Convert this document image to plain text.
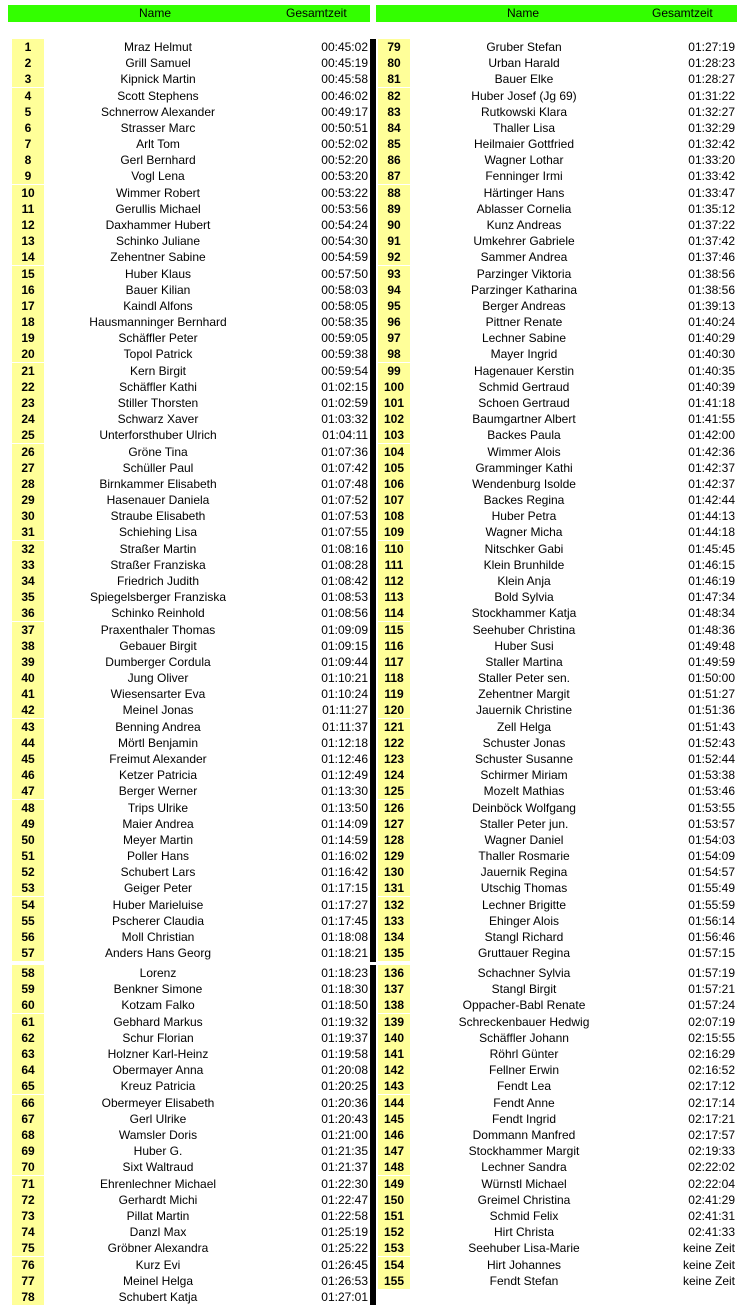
Name	Gesamtzeit	Name	Gesamtzeit
1	Mraz Helmut	00:45:02
2	Grill Samuel	00:45:19
3	Kipnick Martin	00:45:58
4	Scott Stephens	00:46:02
5	Schnerrow Alexander	00:49:17
6	Strasser Marc	00:50:51
7	Arlt Tom	00:52:02
8	Gerl Bernhard	00:52:20
9	Vogl Lena	00:53:20
10	Wimmer Robert	00:53:22
11	Gerullis Michael	00:53:56
12	Daxhammer Hubert	00:54:24
13	Schinko Juliane	00:54:30
14	Zehentner Sabine	00:54:59
15	Huber Klaus	00:57:50
16	Bauer Kilian	00:58:03
17	Kaindl Alfons	00:58:05
18	Hausmanninger Bernhard	00:58:35
19	Schäffler Peter	00:59:05
20	Topol Patrick	00:59:38
21	Kern Birgit	00:59:54
22	Schäffler Kathi	01:02:15
23	Stiller Thorsten	01:02:59
24	Schwarz Xaver	01:03:32
25	Unterforsthuber Ulrich	01:04:11
26	Gröne Tina	01:07:36
27	Schüller Paul	01:07:42
28	Birnkammer Elisabeth	01:07:48
29	Hasenauer Daniela	01:07:52
30	Straube Elisabeth	01:07:53
31	Schiehing Lisa	01:07:55
32	Straßer Martin	01:08:16
33	Straßer Franziska	01:08:28
34	Friedrich Judith	01:08:42
35	Spiegelsberger Franziska	01:08:53
36	Schinko Reinhold	01:08:56
37	Praxenthaler Thomas	01:09:09
38	Gebauer Birgit	01:09:15
39	Dumberger Cordula	01:09:44
40	Jung Oliver	01:10:21
41	Wiesensarter Eva	01:10:24
42	Meinel Jonas	01:11:27
43	Benning Andrea	01:11:37
44	Mörtl Benjamin	01:12:18
45	Freimut Alexander	01:12:46
46	Ketzer Patricia	01:12:49
47	Berger Werner	01:13:30
48	Trips Ulrike	01:13:50
49	Maier Andrea	01:14:09
50	Meyer Martin	01:14:59
51	Poller Hans	01:16:02
52	Schubert Lars	01:16:42
53	Geiger Peter	01:17:15
54	Huber Marieluise	01:17:27
55	Pscherer Claudia	01:17:45
56	Moll Christian	01:18:08
57	Anders Hans Georg	01:18:21
58	Lorenz	01:18:23
59	Benkner Simone	01:18:30
60	Kotzam Falko	01:18:50
61	Gebhard Markus	01:19:32
62	Schur Florian	01:19:37
63	Holzner Karl-Heinz	01:19:58
64	Obermayer Anna	01:20:08
65	Kreuz Patricia	01:20:25
66	Obermeyer Elisabeth	01:20:36
67	Gerl Ulrike	01:20:43
68	Wamsler Doris	01:21:00
69	Huber G.	01:21:35
70	Sixt Waltraud	01:21:37
71	Ehrenlechner Michael	01:22:30
72	Gerhardt Michi	01:22:47
73	Pillat Martin	01:22:58
74	Danzl Max	01:25:19
75	Gröbner Alexandra	01:25:22
76	Kurz Evi	01:26:45
77	Meinel Helga	01:26:53
78	Schubert Katja	01:27:01
79	Gruber Stefan	01:27:19
80	Urban Harald	01:28:23
81	Bauer Elke	01:28:27
82	Huber Josef (Jg 69)	01:31:22
83	Rutkowski Klara	01:32:27
84	Thaller Lisa	01:32:29
85	Heilmaier Gottfried	01:32:42
86	Wagner Lothar	01:33:20
87	Fenninger Irmi	01:33:42
88	Härtinger Hans	01:33:47
89	Ablasser Cornelia	01:35:12
90	Kunz Andreas	01:37:22
91	Umkehrer Gabriele	01:37:42
92	Sammer Andrea	01:37:46
93	Parzinger Viktoria	01:38:56
94	Parzinger Katharina	01:38:56
95	Berger Andreas	01:39:13
96	Pittner Renate	01:40:24
97	Lechner Sabine	01:40:29
98	Mayer Ingrid	01:40:30
99	Hagenauer Kerstin	01:40:35
100	Schmid Gertraud	01:40:39
101	Schoen Gertraud	01:41:18
102	Baumgartner Albert	01:41:55
103	Backes Paula	01:42:00
104	Wimmer Alois	01:42:36
105	Gramminger Kathi	01:42:37
106	Wendenburg Isolde	01:42:37
107	Backes Regina	01:42:44
108	Huber Petra	01:44:13
109	Wagner Micha	01:44:18
110	Nitschker Gabi	01:45:45
111	Klein Brunhilde	01:46:15
112	Klein Anja	01:46:19
113	Bold Sylvia	01:47:34
114	Stockhammer Katja	01:48:34
115	Seehuber Christina	01:48:36
116	Huber Susi	01:49:48
117	Staller Martina	01:49:59
118	Staller Peter sen.	01:50:00
119	Zehentner Margit	01:51:27
120	Jauernik Christine	01:51:36
121	Zell Helga	01:51:43
122	Schuster Jonas	01:52:43
123	Schuster Susanne	01:52:44
124	Schirmer Miriam	01:53:38
125	Mozelt Mathias	01:53:46
126	Deinböck Wolfgang	01:53:55
127	Staller Peter jun.	01:53:57
128	Wagner Daniel	01:54:03
129	Thaller Rosmarie	01:54:09
130	Jauernik Regina	01:54:57
131	Utschig Thomas	01:55:49
132	Lechner Brigitte	01:55:59
133	Ehinger Alois	01:56:14
134	Stangl Richard	01:56:46
135	Gruttauer Regina	01:57:15
136	Schachner Sylvia	01:57:19
137	Stangl Birgit	01:57:21
138	Oppacher-Babl Renate	01:57:24
139	Schreckenbauer Hedwig	02:07:19
140	Schäffler Johann	02:15:55
141	Röhrl Günter	02:16:29
142	Fellner Erwin	02:16:52
143	Fendt Lea	02:17:12
144	Fendt Anne	02:17:14
145	Fendt Ingrid	02:17:21
146	Dommann Manfred	02:17:57
147	Stockhammer Margit	02:19:33
148	Lechner Sandra	02:22:02
149	Würnstl Michael	02:22:04
150	Greimel Christina	02:41:29
151	Schmid Felix	02:41:31
152	Hirt Christa	02:41:33
153	Seehuber Lisa-Marie	keine Zeit
154	Hirt Johannes	keine Zeit
155	Fendt Stefan	keine Zeit
